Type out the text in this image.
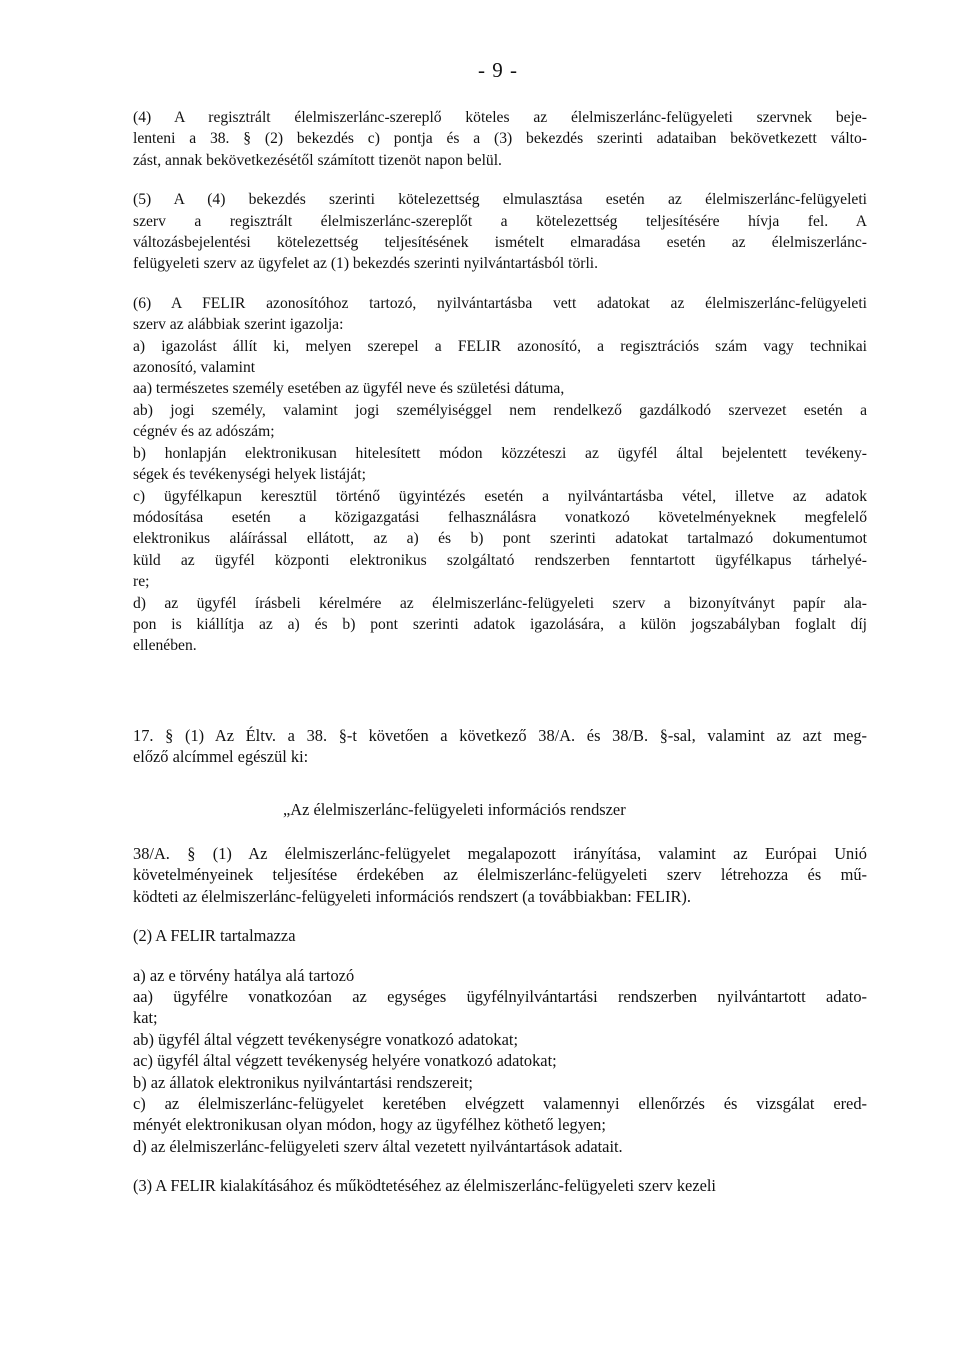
- 9 -
(4) A regisztrált élelmiszerlánc-szereplő köteles az élelmiszerlánc-felügyeleti szervnek beje-
lenteni a 38. § (2) bekezdés c) pontja és a (3) bekezdés szerinti adataiban bekövetkezett válto-
zást, annak bekövetkezésétől számított tizenöt napon belül.
(5) A (4) bekezdés szerinti kötelezettség elmulasztása esetén az élelmiszerlánc-felügyeleti
szerv a regisztrált élelmiszerlánc-szereplőt a kötelezettség teljesítésére hívja fel. A
változásbejelentési kötelezettség teljesítésének ismételt elmaradása esetén az élelmiszerlánc-
felügyeleti szerv az ügyfelet az (1) bekezdés szerinti nyilvántartásból törli.
(6) A FELIR azonosítóhoz tartozó, nyilvántartásba vett adatokat az élelmiszerlánc-felügyeleti
szerv az alábbiak szerint igazolja:
a) igazolást állít ki, melyen szerepel a FELIR azonosító, a regisztrációs szám vagy technikai
azonosító, valamint
aa) természetes személy esetében az ügyfél neve és születési dátuma,
ab) jogi személy, valamint jogi személyiséggel nem rendelkező gazdálkodó szervezet esetén a
cégnév és az adószám;
b) honlapján elektronikusan hitelesített módon közzéteszi az ügyfél által bejelentett tevékeny-
ségek és tevékenységi helyek listáját;
c) ügyfélkapun keresztül történő ügyintézés esetén a nyilvántartásba vétel, illetve az adatok
módosítása esetén a közigazgatási felhasználásra vonatkozó követelményeknek megfelelő
elektronikus aláírással ellátott, az a) és b) pont szerinti adatokat tartalmazó dokumentumot
küld az ügyfél központi elektronikus szolgáltató rendszerben fenntartott ügyfélkapus tárhelyé-
re;
d) az ügyfél írásbeli kérelmére az élelmiszerlánc-felügyeleti szerv a bizonyítványt papír ala-
pon is kiállítja az a) és b) pont szerinti adatok igazolására, a külön jogszabályban foglalt díj
ellenében.
17. § (1) Az Éltv. a 38. §-t követően a következő 38/A. és 38/B. §-sal, valamint az azt meg-
előző alcímmel egészül ki:
„Az élelmiszerlánc-felügyeleti információs rendszer
38/A. § (1) Az élelmiszerlánc-felügyelet megalapozott irányítása, valamint az Európai Unió
követelményeinek teljesítése érdekében az élelmiszerlánc-felügyeleti szerv létrehozza és mű-
ködteti az élelmiszerlánc-felügyeleti információs rendszert (a továbbiakban: FELIR).
(2) A FELIR tartalmazza
a) az e törvény hatálya alá tartozó
aa) ügyfélre vonatkozóan az egységes ügyfélnyilvántartási rendszerben nyilvántartott adato-
kat;
ab) ügyfél által végzett tevékenységre vonatkozó adatokat;
ac) ügyfél által végzett tevékenység helyére vonatkozó adatokat;
b) az állatok elektronikus nyilvántartási rendszereit;
c) az élelmiszerlánc-felügyelet keretében elvégzett valamennyi ellenőrzés és vizsgálat ered-
ményét elektronikusan olyan módon, hogy az ügyfélhez köthető legyen;
d) az élelmiszerlánc-felügyeleti szerv által vezetett nyilvántartások adatait.
(3) A FELIR kialakításához és működtetéséhez az élelmiszerlánc-felügyeleti szerv kezeli
